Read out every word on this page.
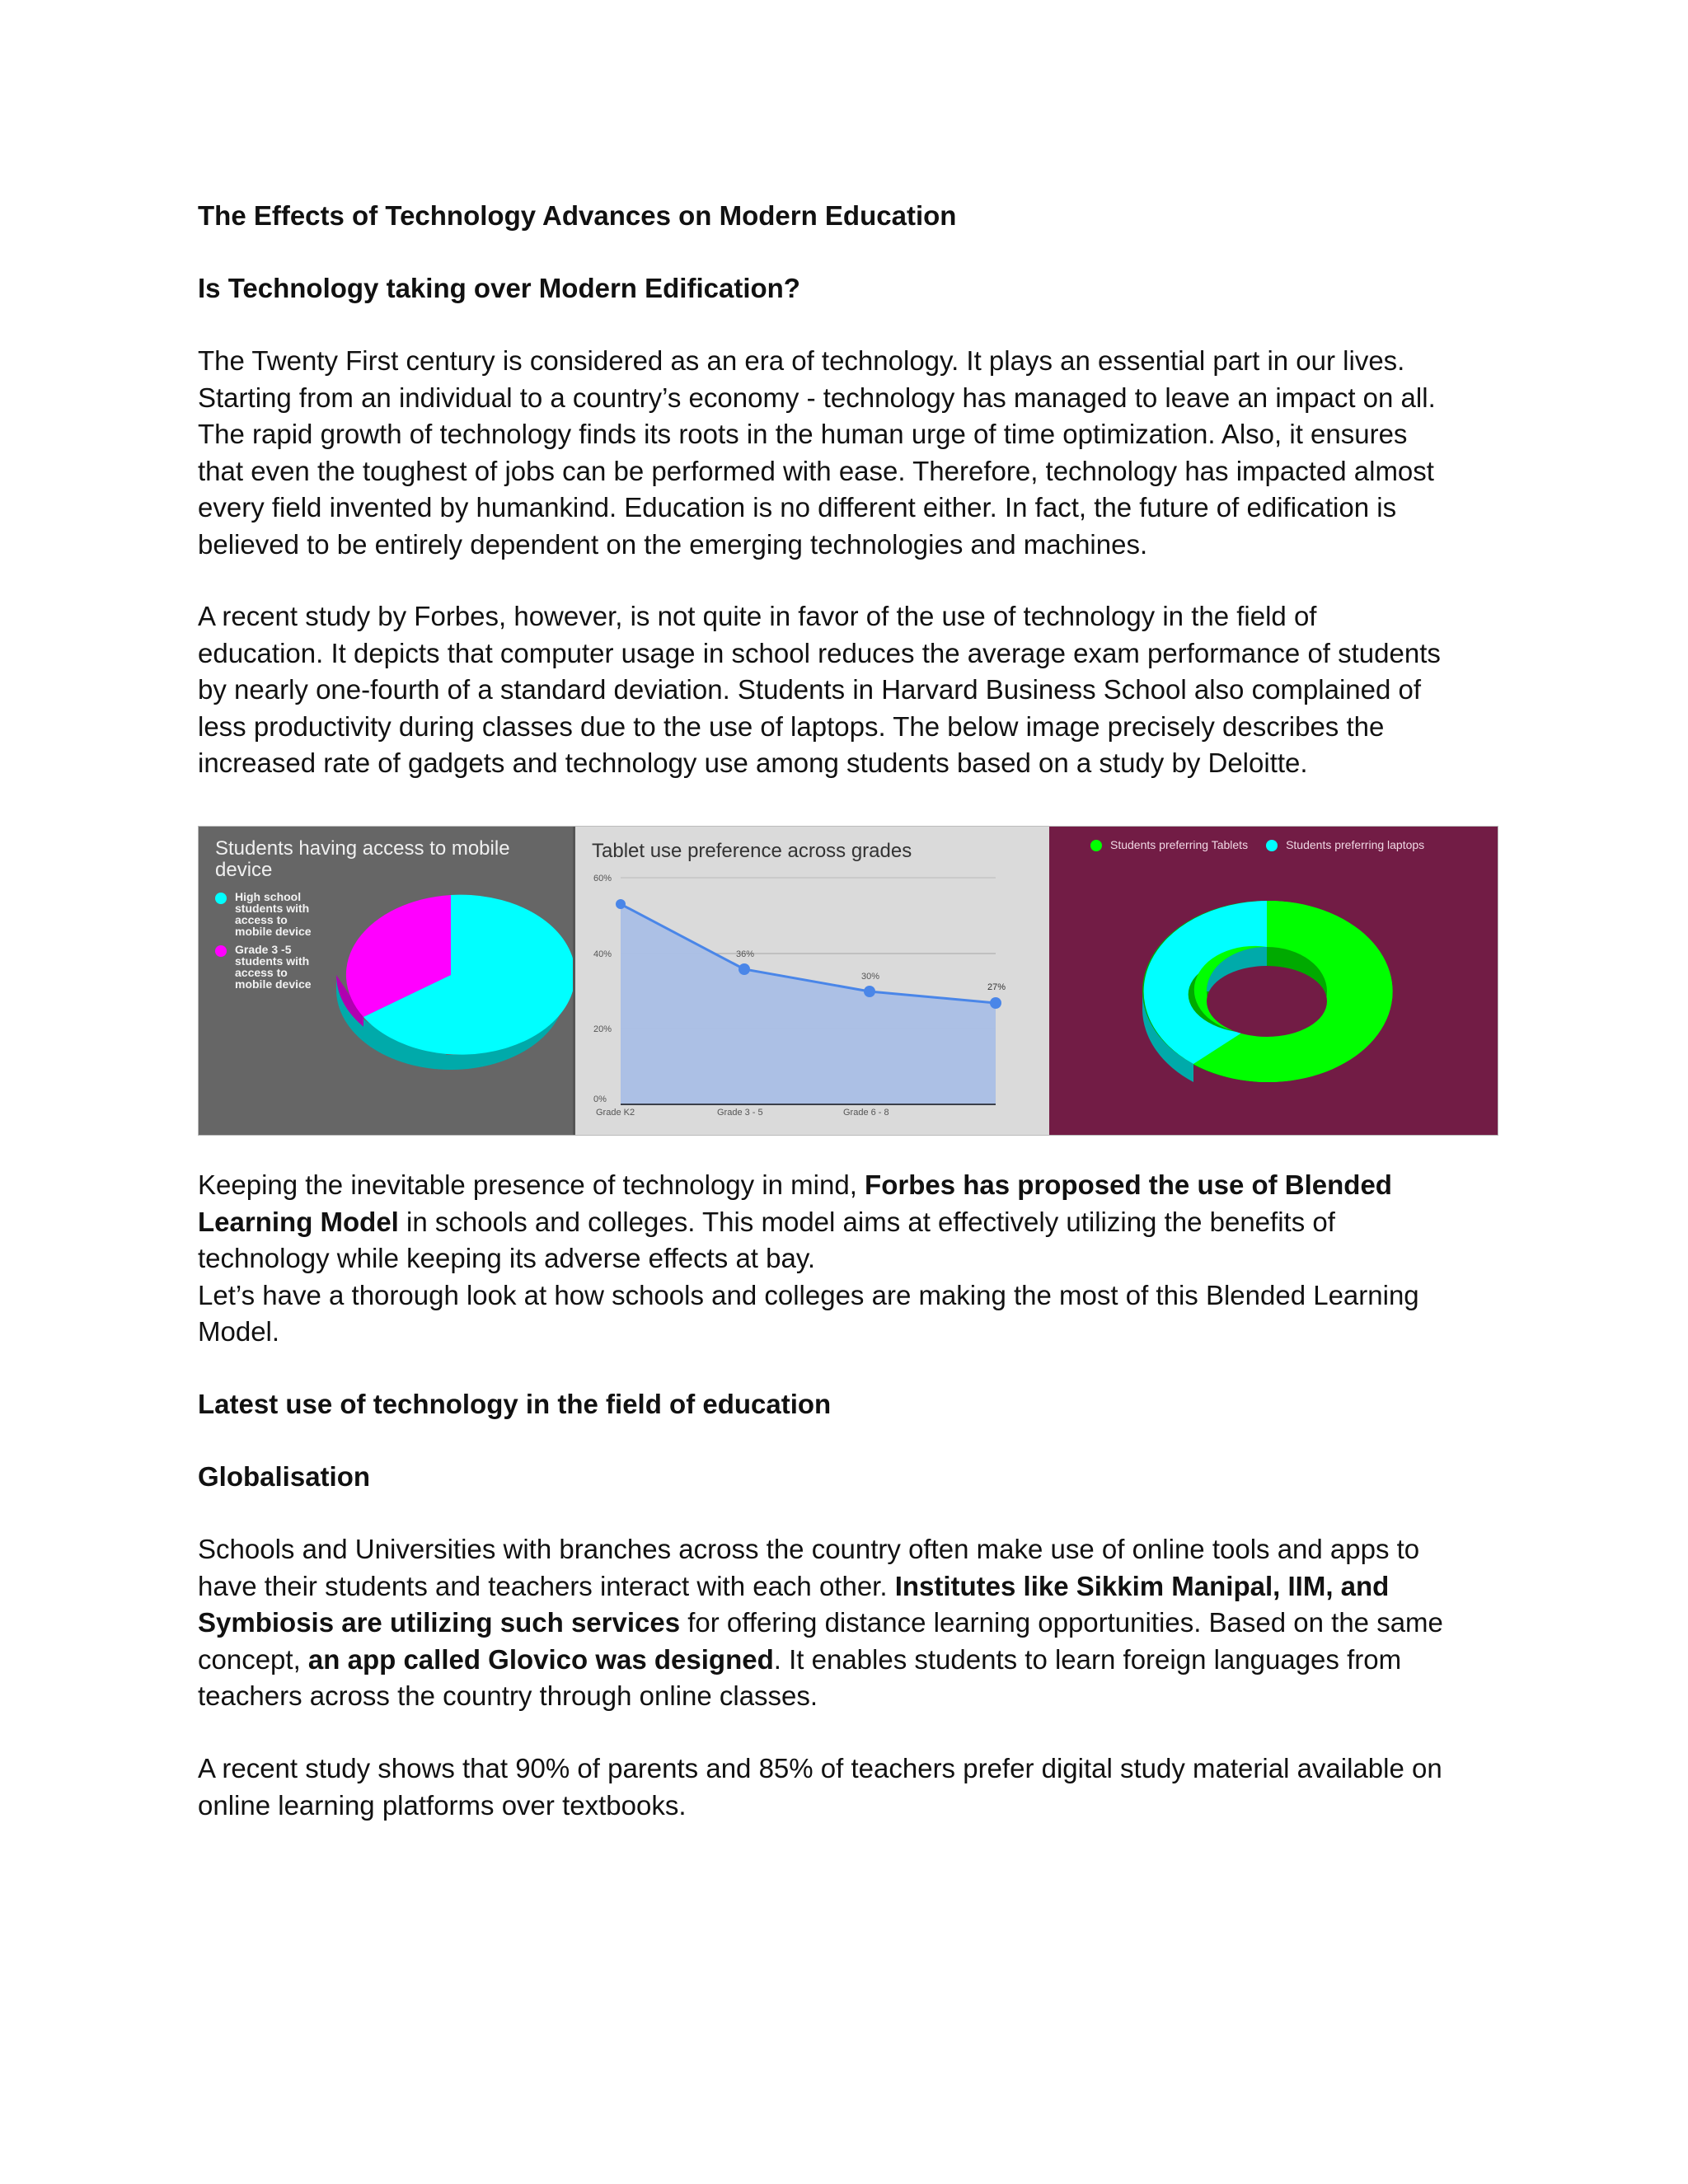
The Effects of Technology Advances on Modern Education
Is Technology taking over Modern Edification?
The Twenty First century is considered as an era of technology. It plays an essential part in our lives.
Starting from an individual to a country’s economy - technology has managed to leave an impact on all.
The rapid growth of technology finds its roots in the human urge of time optimization. Also, it ensures
that even the toughest of jobs can be performed with ease. Therefore, technology has impacted almost
every field invented by humankind. Education is no different either. In fact, the future of edification is
believed to be entirely dependent on the emerging technologies and machines.
A recent study by Forbes, however, is not quite in favor of the use of technology in the field of
education. It depicts that computer usage in school reduces the average exam performance of students
by nearly one-fourth of a standard deviation. Students in Harvard Business School also complained of
less productivity during classes due to the use of laptops. The below image precisely describes the
increased rate of gadgets and technology use among students based on a study by Deloitte.
Keeping the inevitable presence of technology in mind, Forbes has proposed the use of Blended
Learning Model in schools and colleges. This model aims at effectively utilizing the benefits of
technology while keeping its adverse effects at bay.
Let’s have a thorough look at how schools and colleges are making the most of this Blended Learning
Model.
Latest use of technology in the field of education
Globalisation
Schools and Universities with branches across the country often make use of online tools and apps to
have their students and teachers interact with each other. Institutes like Sikkim Manipal, IIM, and
Symbiosis are utilizing such services for offering distance learning opportunities. Based on the same
concept, an app called Glovico was designed. It enables students to learn foreign languages from
teachers across the country through online classes.
A recent study shows that 90% of parents and 85% of teachers prefer digital study material available on
online learning platforms over textbooks.
Students having access to mobile device
High school students with access to mobile device
Grade 3 -5 students with access to mobile device
Tablet use preference across grades
60%
40%
20%
0%
36%
30%
27%
Grade K2	Grade 3 - 5	Grade 6 - 8
Students preferring Tablets	Students preferring laptops
